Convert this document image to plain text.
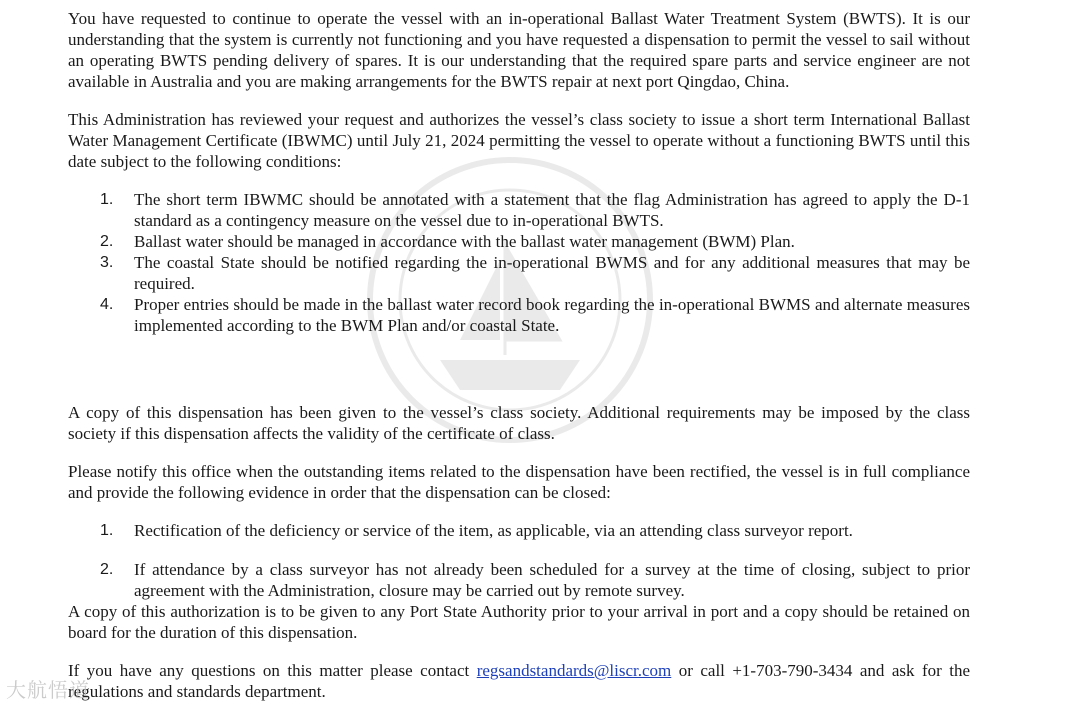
You have requested to continue to operate the vessel with an in-operational Ballast Water Treatment System (BWTS). It is our understanding that the system is currently not functioning and you have requested a dispensation to permit the vessel to sail without an operating BWTS pending delivery of spares. It is our understanding that the required spare parts and service engineer are not available in Australia and you are making arrangements for the BWTS repair at next port Qingdao, China.

This Administration has reviewed your request and authorizes the vessel’s class society to issue a short term International Ballast Water Management Certificate (IBWMC) until July 21, 2024 permitting the vessel to operate without a functioning BWTS until this date subject to the following conditions:

1. The short term IBWMC should be annotated with a statement that the flag Administration has agreed to apply the D-1 standard as a contingency measure on the vessel due to in-operational BWTS.
2. Ballast water should be managed in accordance with the ballast water management (BWM) Plan.
3. The coastal State should be notified regarding the in-operational BWMS and for any additional measures that may be required.
4. Proper entries should be made in the ballast water record book regarding the in-operational BWMS and alternate measures implemented according to the BWM Plan and/or coastal State.

A copy of this dispensation has been given to the vessel’s class society. Additional requirements may be imposed by the class society if this dispensation affects the validity of the certificate of class.

Please notify this office when the outstanding items related to the dispensation have been rectified, the vessel is in full compliance and provide the following evidence in order that the dispensation can be closed:

1. Rectification of the deficiency or service of the item, as applicable, via an attending class surveyor report.
2. If attendance by a class surveyor has not already been scheduled for a survey at the time of closing, subject to prior agreement with the Administration, closure may be carried out by remote survey.

A copy of this authorization is to be given to any Port State Authority prior to your arrival in port and a copy should be retained on board for the duration of this dispensation.

If you have any questions on this matter please contact regsandstandards@liscr.com or call +1-703-790-3434 and ask for the regulations and standards department.

大航悟道
